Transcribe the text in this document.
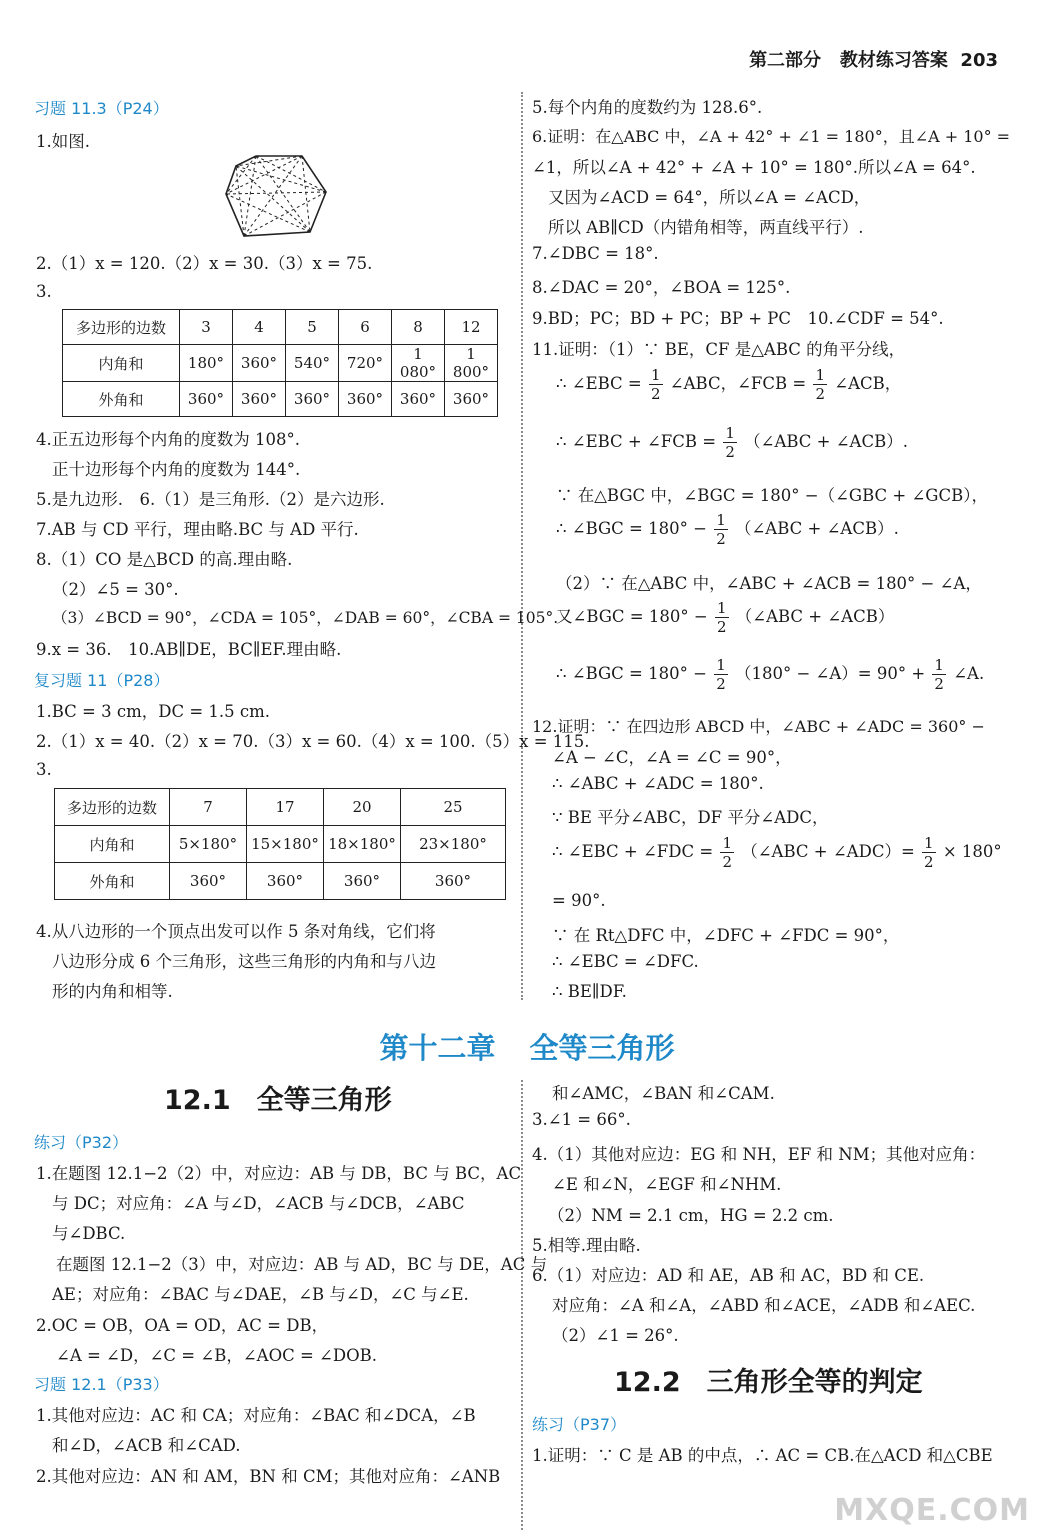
第二部分 教材练习答案 203
习题 11.3（P24）
1.如图.
2.（1）x = 120.（2）x = 30.（3）x = 75.
3.
多边形的边数	3	4	5	6	8	12
内角和	180°	360°	540°	720°	1 080°	1 800°
外角和	360°	360°	360°	360°	360°	360°
4.正五边形每个内角的度数为 108°.
正十边形每个内角的度数为 144°.
5.是九边形.　6.（1）是三角形.（2）是六边形.
7.AB 与 CD 平行，理由略.BC 与 AD 平行.
8.（1）CO 是△BCD 的高.理由略.
（2）∠5 = 30°.
（3）∠BCD = 90°，∠CDA = 105°，∠DAB = 60°，∠CBA = 105°.
9.x = 36.　10.AB∥DE，BC∥EF.理由略.
复习题 11（P28）
1.BC = 3 cm，DC = 1.5 cm.
2.（1）x = 40.（2）x = 70.（3）x = 60.（4）x = 100.（5）x = 115.
3.
多边形的边数	7	17	20	25
内角和	5×180°	15×180°	18×180°	23×180°
外角和	360°	360°	360°	360°
4.从八边形的一个顶点出发可以作 5 条对角线，它们将
八边形分成 6 个三角形，这些三角形的内角和与八边
形的内角和相等.
5.每个内角的度数约为 128.6°.
6.证明：在△ABC 中，∠A + 42° + ∠1 = 180°，且∠A + 10° =
∠1，所以∠A + 42° + ∠A + 10° = 180°.所以∠A = 64°.
又因为∠ACD = 64°，所以∠A = ∠ACD，
所以 AB∥CD（内错角相等，两直线平行）.
7.∠DBC = 18°.
8.∠DAC = 20°，∠BOA = 125°.
9.BD；PC；BD + PC；BP + PC　10.∠CDF = 54°.
11.证明：（1）∵ BE，CF 是△ABC 的角平分线，
∴ ∠EBC = $\frac{1}{2}$ ∠ABC，∠FCB = $\frac{1}{2}$ ∠ACB，
∴ ∠EBC + ∠FCB = $\frac{1}{2}$ （∠ABC + ∠ACB）.
∵ 在△BGC 中，∠BGC = 180° −（∠GBC + ∠GCB），
∴ ∠BGC = $180^\circ - \frac{1}{2}$ （∠ABC + ∠ACB）.
（2）∵ 在△ABC 中，∠ABC + ∠ACB = 180° − ∠A，
又∠BGC = $180^\circ - \frac{1}{2}$ （∠ABC + ∠ACB）
∴ ∠BGC = $180^\circ - \frac{1}{2} (180^\circ$ − ∠A）= $90^\circ + \frac{1}{2}$ ∠A.
12.证明：∵ 在四边形 ABCD 中，∠ABC + ∠ADC = 360° −
∠A − ∠C，∠A = ∠C = 90°，
∴ ∠ABC + ∠ADC = 180°.
∵ BE 平分∠ABC，DF 平分∠ADC，
∴ ∠EBC + ∠FDC = $\frac{1}{2}$ （∠ABC + ∠ADC）= $\frac{1}{2} \times 180^\circ$
= 90°.
∵ 在 Rt△DFC 中，∠DFC + ∠FDC = 90°，
∴ ∠EBC = ∠DFC.
∴ BE∥DF.
第十二章 全等三角形
12.1 全等三角形
练习（P32）
1.在题图 12.1−2（2）中，对应边：AB 与 DB，BC 与 BC，AC
与 DC；对应角：∠A 与∠D，∠ACB 与∠DCB，∠ABC
与∠DBC.
在题图 12.1−2（3）中，对应边：AB 与 AD，BC 与 DE，AC 与
AE；对应角：∠BAC 与∠DAE，∠B 与∠D，∠C 与∠E.
2.OC = OB，OA = OD，AC = DB，
∠A = ∠D，∠C = ∠B，∠AOC = ∠DOB.
习题 12.1（P33）
1.其他对应边：AC 和 CA；对应角：∠BAC 和∠DCA，∠B
和∠D，∠ACB 和∠CAD.
2.其他对应边：AN 和 AM，BN 和 CM；其他对应角：∠ANB
和∠AMC，∠BAN 和∠CAM.
3.∠1 = 66°.
4.（1）其他对应边：EG 和 NH，EF 和 NM；其他对应角：
∠E 和∠N，∠EGF 和∠NHM.
（2）NM = 2.1 cm，HG = 2.2 cm.
5.相等.理由略.
6.（1）对应边：AD 和 AE，AB 和 AC，BD 和 CE.
对应角：∠A 和∠A，∠ABD 和∠ACE，∠ADB 和∠AEC.
（2）∠1 = 26°.
12.2 三角形全等的判定
练习（P37）
1.证明：∵ C 是 AB 的中点，∴ AC = CB.在△ACD 和△CBE
MXQE.COM
